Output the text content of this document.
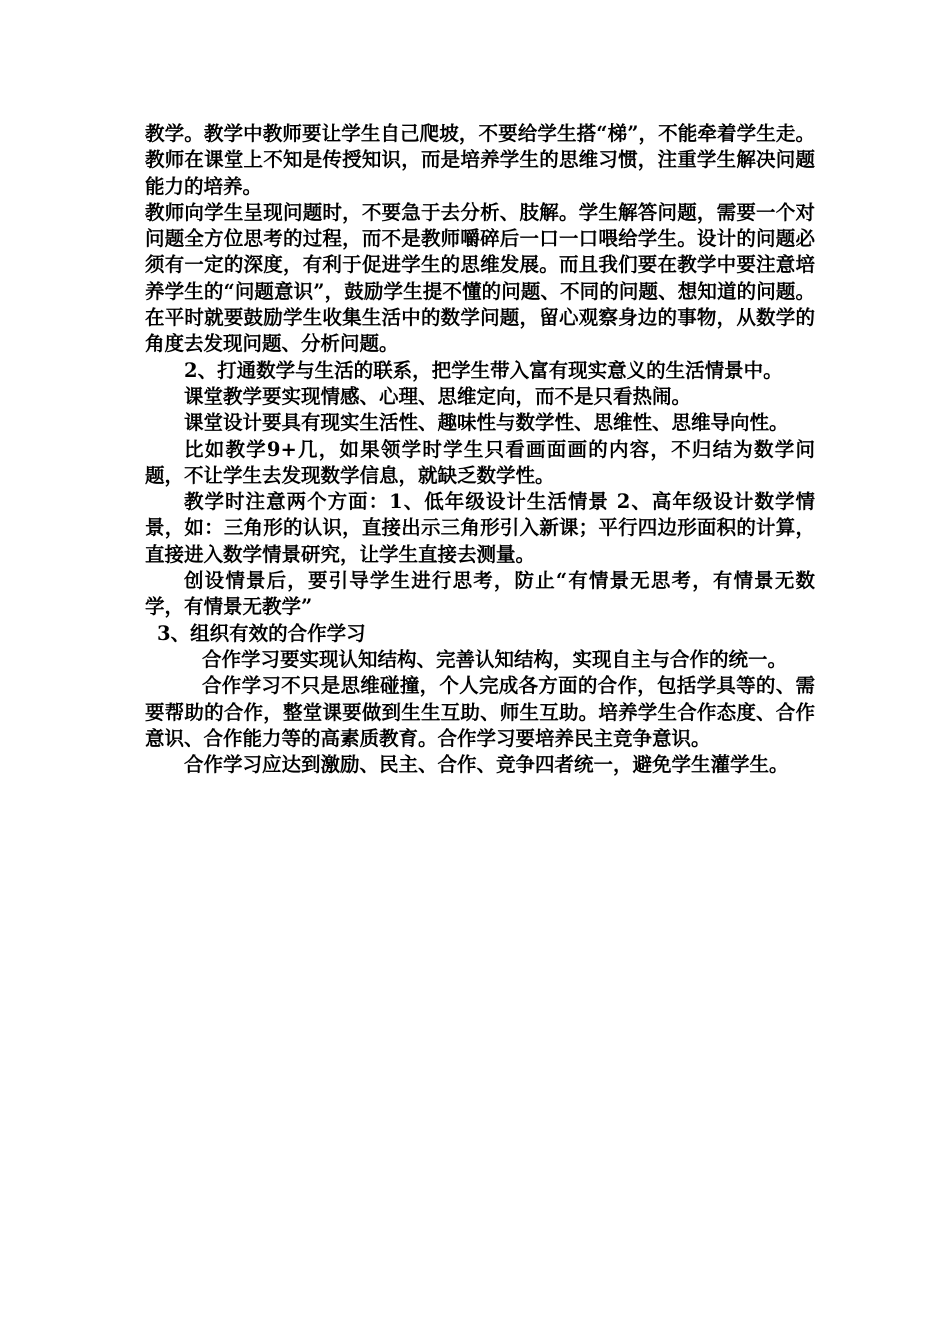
教学。教学中教师要让学生自己爬坡，不要给学生搭“梯”，不能牵着学生走。教师在课堂上不知是传授知识，而是培养学生的思维习惯，注重学生解决问题能力的培养。

教师向学生呈现问题时，不要急于去分析、肢解。学生解答问题，需要一个对问题全方位思考的过程，而不是教师嚼碎后一口一口喂给学生。设计的问题必须有一定的深度，有利于促进学生的思维发展。而且我们要在教学中要注意培养学生的“问题意识”，鼓励学生提不懂的问题、不同的问题、想知道的问题。在平时就要鼓励学生收集生活中的数学问题，留心观察身边的事物，从数学的角度去发现问题、分析问题。

2、打通数学与生活的联系，把学生带入富有现实意义的生活情景中。

课堂教学要实现情感、心理、思维定向，而不是只看热闹。

课堂设计要具有现实生活性、趣味性与数学性、思维性、思维导向性。

比如教学9+几，如果领学时学生只看画面画的内容，不归结为数学问题，不让学生去发现数学信息，就缺乏数学性。

教学时注意两个方面：1、低年级设计生活情景 2、高年级设计数学情景，如：三角形的认识，直接出示三角形引入新课；平行四边形面积的计算，直接进入数学情景研究，让学生直接去测量。

创设情景后，要引导学生进行思考，防止“有情景无思考，有情景无数学，有情景无教学”

3、组织有效的合作学习

合作学习要实现认知结构、完善认知结构，实现自主与合作的统一。

合作学习不只是思维碰撞，个人完成各方面的合作，包括学具等的、需要帮助的合作，整堂课要做到生生互助、师生互助。培养学生合作态度、合作意识、合作能力等的高素质教育。合作学习要培养民主竞争意识。

合作学习应达到激励、民主、合作、竞争四者统一，避免学生灌学生。
